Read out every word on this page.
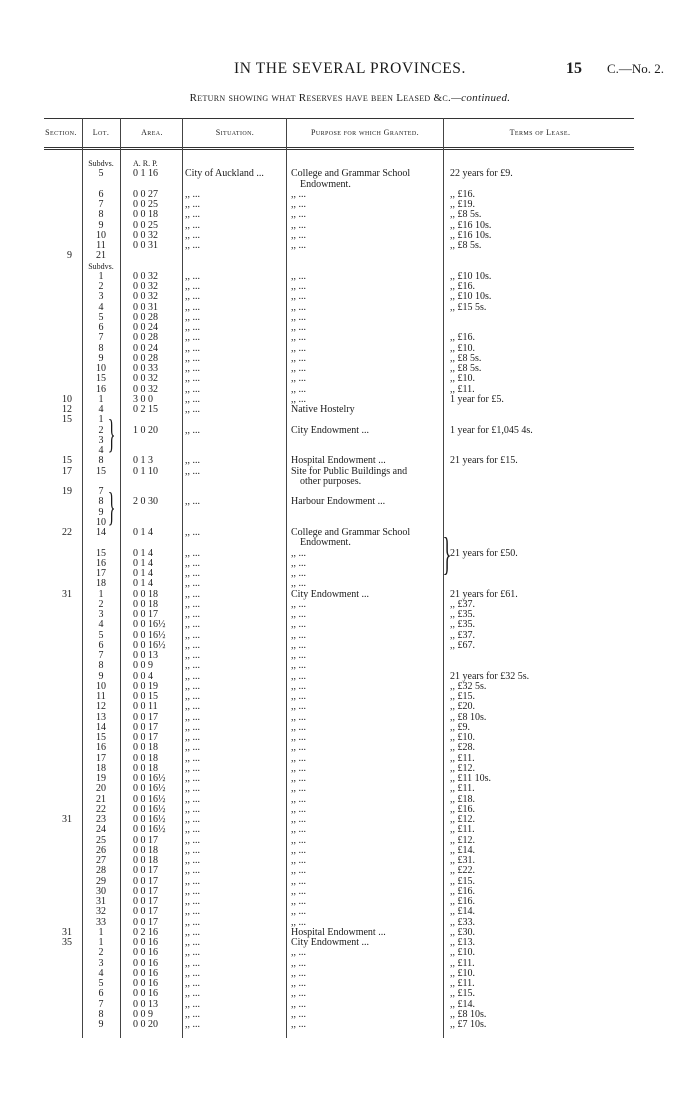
IN THE SEVERAL PROVINCES.	15 C.—No. 2.
Return showing what Reserves have been Leased &c.—continued.
Section.	Lot.	Area.	Situation.	Purpose for which Granted.	Terms of Lease.
Subdvs.	A. R. P.
5	0 1 16	City of Auckland ...	College and Grammar School	22 years for £9.
Endowment.
6	0 0 27	,, ...	,, ...	,, £16.
7	0 0 25	,, ...	,, ...	,, £19.
8	0 0 18	,, ...	,, ...	,, £8 5s.
9	0 0 25	,, ...	,, ...	,, £16 10s.
10	0 0 32	,, ...	,, ...	,, £16 10s.
11	0 0 31	,, ...	,, ...	,, £8 5s.
9	21
Subdvs.
1	0 0 32	,, ...	,, ...	,, £10 10s.
2	0 0 32	,, ...	,, ...	,, £16.
3	0 0 32	,, ...	,, ...	,, £10 10s.
4	0 0 31	,, ...	,, ...	,, £15 5s.
5	0 0 28	,, ...	,, ...
6	0 0 24	,, ...	,, ...
7	0 0 28	,, ...	,, ...	,, £16.
8	0 0 24	,, ...	,, ...	,, £10.
9	0 0 28	,, ...	,, ...	,, £8 5s.
10	0 0 33	,, ...	,, ...	,, £8 5s.
15	0 0 32	,, ...	,, ...	,, £10.
16	0 0 32	,, ...	,, ...	,, £11.
10	1	3 0 0	,, ...	,, ...	1 year for £5.
12	4	0 2 15	,, ...	Native Hostelry
15	1
2	1 0 20	,, ...	City Endowment ...	1 year for £1,045 4s.
3
4
15	8	0 1 3	,, ...	Hospital Endowment ...	21 years for £15.
17	15	0 1 10	,, ...	Site for Public Buildings and
other purposes.
19	7
8	2 0 30	,, ...	Harbour Endowment ...
9
10
22	14	0 1 4	,, ...	College and Grammar School
Endowment.
15	0 1 4	,, ...	,, ...	21 years for £50.
16	0 1 4	,, ...	,, ...
17	0 1 4	,, ...	,, ...
18	0 1 4	,, ...	,, ...
31	1	0 0 18	,, ...	City Endowment ...	21 years for £61.
2	0 0 18	,, ...	,, ...	,, £37.
3	0 0 17	,, ...	,, ...	,, £35.
4	0 0 16½ ,, ...	,, ...	,, £35.
5	0 0 16½ ,, ...	,, ...	,, £37.
6	0 0 16½ ,, ...	,, ...	,, £67.
7	0 0 13	,, ...	,, ...
8	0 0 9	,, ...	,, ...
9	0 0 4	,, ...	,, ...	21 years for £32 5s.
10	0 0 19	,, ...	,, ...	,, £32 5s.
11	0 0 15	,, ...	,, ...	,, £15.
12	0 0 11	,, ...	,, ...	,, £20.
13	0 0 17	,, ...	,, ...	,, £8 10s.
14	0 0 17	,, ...	,, ...	,, £9.
15	0 0 17	,, ...	,, ...	,, £10.
16	0 0 18	,, ...	,, ...	,, £28.
17	0 0 18	,, ...	,, ...	,, £11.
18	0 0 18	,, ...	,, ...	,, £12.
19	0 0 16½ ,, ...	,, ...	,, £11 10s.
20	0 0 16½ ,, ...	,, ...	,, £11.
21	0 0 16½ ,, ...	,, ...	,, £18.
22	0 0 16½ ,, ...	,, ...	,, £16.
31	23	0 0 16½ ,, ...	,, ...	,, £12.
24	0 0 16½ ,, ...	,, ...	,, £11.
25	0 0 17	,, ...	,, ...	,, £12.
26	0 0 18	,, ...	,, ...	,, £14.
27	0 0 18	,, ...	,, ...	,, £31.
28	0 0 17	,, ...	,, ...	,, £22.
29	0 0 17	,, ...	,, ...	,, £15.
30	0 0 17	,, ...	,, ...	,, £16.
31	0 0 17	,, ...	,, ...	,, £16.
32	0 0 17	,, ...	,, ...	,, £14.
33	0 0 17	,, ...	,, ...	,, £33.
31	1	0 2 16	,, ...	Hospital Endowment ...	,, £30.
35	1	0 0 16	,, ...	City Endowment ...	,, £13.
2	0 0 16	,, ...	,, ...	,, £10.
3	0 0 16	,, ...	,, ...	,, £11.
4	0 0 16	,, ...	,, ...	,, £10.
5	0 0 16	,, ...	,, ...	,, £11.
6	0 0 16	,, ...	,, ...	,, £15.
7	0 0 13	,, ...	,, ...	,, £14.
8	0 0 9	,, ...	,, ...	,, £8 10s.
9	0 0 20	,, ...	,, ...	,, £7 10s.
}
}
}
